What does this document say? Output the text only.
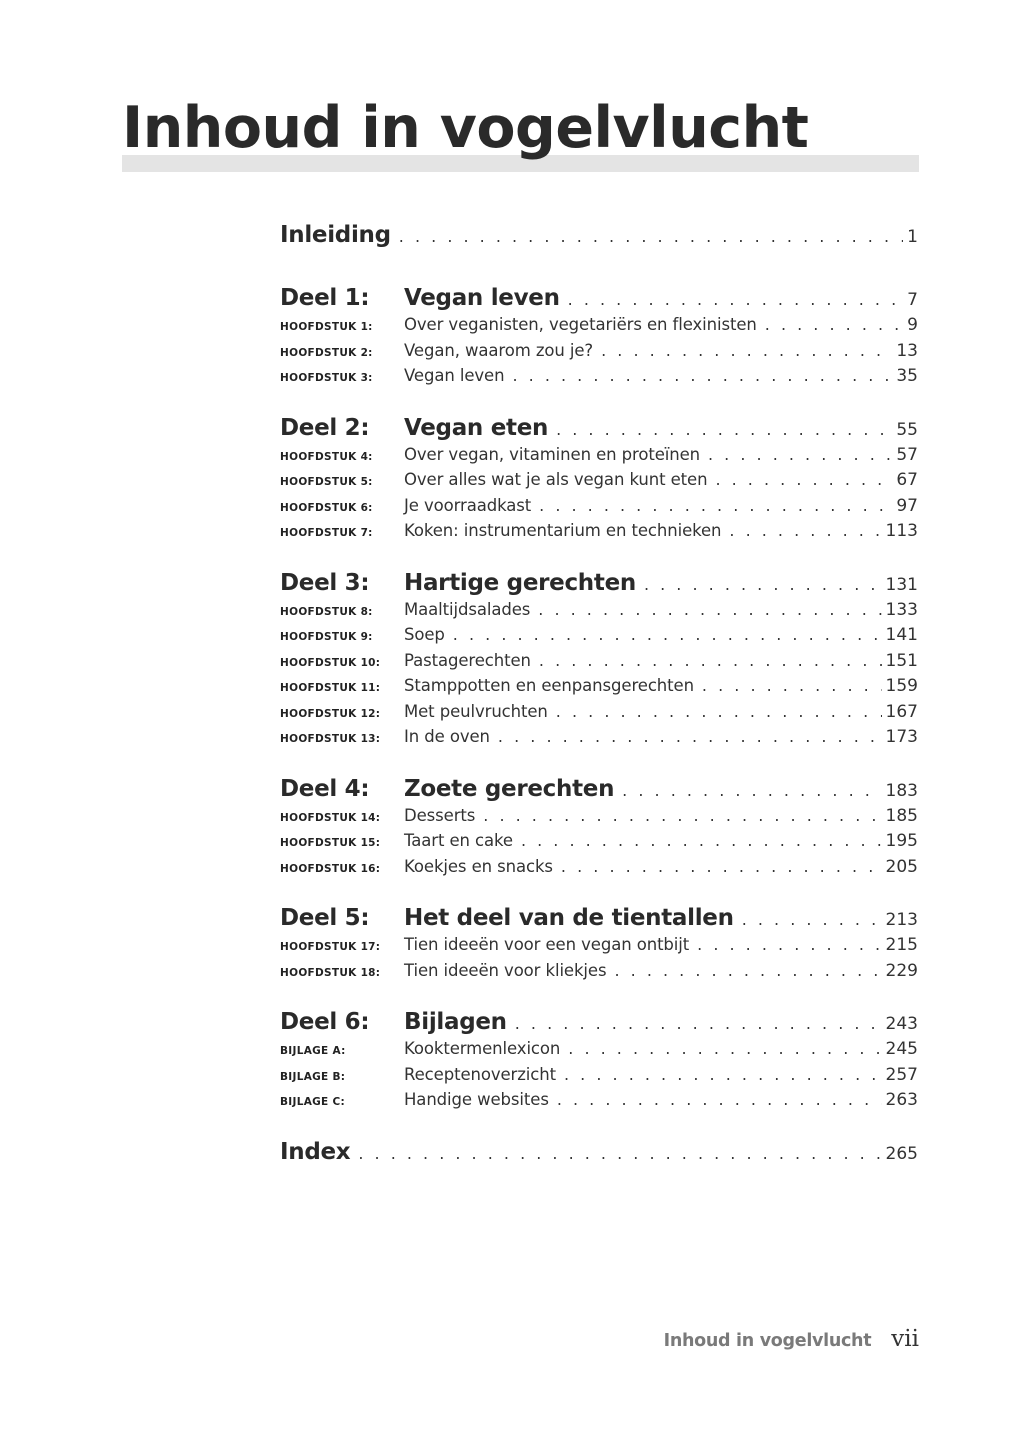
Inhoud in vogelvlucht
Inleiding . . .	1
Deel 1:	Vegan leven . . .	7
HOOFDSTUK 1:	Over veganisten, vegetariërs en flexinisten . . .	9
HOOFDSTUK 2:	Vegan, waarom zou je? . . .	13
HOOFDSTUK 3:	Vegan leven . . .	35
Deel 2:	Vegan eten . . .	55
HOOFDSTUK 4:	Over vegan, vitaminen en proteïnen . . .	57
HOOFDSTUK 5:	Over alles wat je als vegan kunt eten . . .	67
HOOFDSTUK 6:	Je voorraadkast . . .	97
HOOFDSTUK 7:	Koken: instrumentarium en technieken . . .	113
Deel 3:	Hartige gerechten . . .	131
HOOFDSTUK 8:	Maaltijdsalades . . .	133
HOOFDSTUK 9:	Soep . . .	141
HOOFDSTUK 10:	Pastagerechten . . .	151
HOOFDSTUK 11:	Stamppotten en eenpansgerechten . . .	159
HOOFDSTUK 12:	Met peulvruchten . . .	167
HOOFDSTUK 13:	In de oven . . .	173
Deel 4:	Zoete gerechten . . .	183
HOOFDSTUK 14:	Desserts . . .	185
HOOFDSTUK 15:	Taart en cake . . .	195
HOOFDSTUK 16:	Koekjes en snacks . . .	205
Deel 5:	Het deel van de tientallen . . .	213
HOOFDSTUK 17:	Tien ideeën voor een vegan ontbijt . . .	215
HOOFDSTUK 18:	Tien ideeën voor kliekjes . . .	229
Deel 6:	Bijlagen . . .	243
BIJLAGE A:	Kooktermenlexicon . . .	245
BIJLAGE B:	Receptenoverzicht . . .	257
BIJLAGE C:	Handige websites . . .	263
Index . . .	265
Inhoud in vogelvlucht vii
